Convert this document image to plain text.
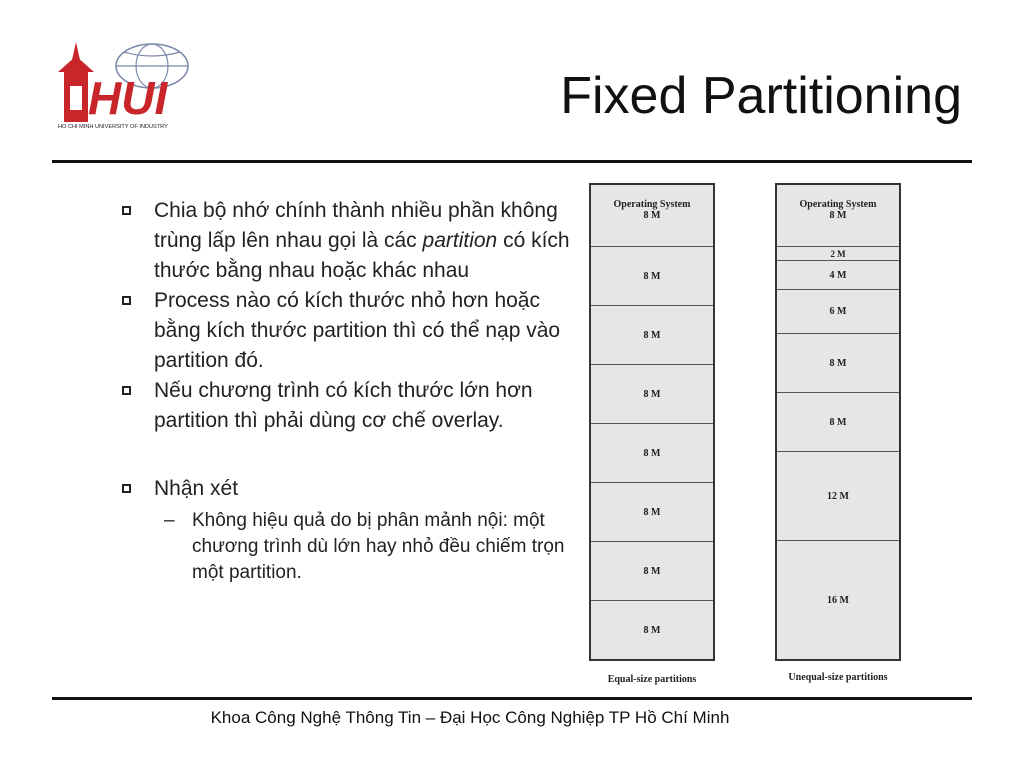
HUI
HO CHI MINH UNIVERSITY OF INDUSTRY
Fixed Partitioning
Chia bộ nhớ chính thành nhiều phần không trùng lấp lên nhau gọi là các partition có kích thước bằng nhau hoặc khác nhau
Process nào có kích thước nhỏ hơn hoặc bằng kích thước partition thì có thể nạp vào partition đó.
Nếu chương trình có kích thước lớn hơn partition thì phải dùng cơ chế overlay.
Nhận xét
– Không hiệu quả do bị phân mảnh nội: một chương trình dù lớn hay nhỏ đều chiếm trọn một partition.
Operating System
8 M
8 M
8 M
8 M
8 M
8 M
8 M
8 M
Equal-size partitions
Operating System
8 M
2 M
4 M
6 M
8 M
8 M
12 M
16 M
Unequal-size partitions
Khoa Công Nghệ Thông Tin – Đại Học Công Nghiệp TP Hồ Chí Minh
